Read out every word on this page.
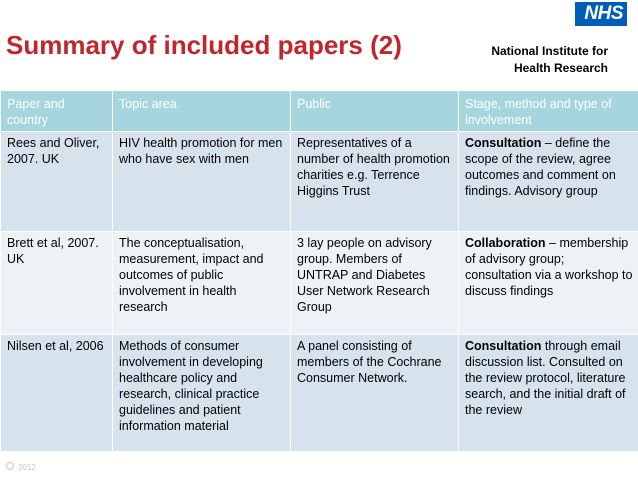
Summary of included papers (2)
NHS
National Institute for
Health Research
Paper and country	Topic area	Public	Stage, method and type of involvement
Rees and Oliver, 2007. UK	HIV health promotion for men who have sex with men	Representatives of a number of health promotion charities e.g. Terrence Higgins Trust	Consultation – define the scope of the review, agree outcomes and comment on findings. Advisory group
Brett et al, 2007. UK	The conceptualisation, measurement, impact and outcomes of public involvement in health research	3 lay people on advisory group. Members of UNTRAP and Diabetes User Network Research Group	Collaboration – membership of advisory group; consultation via a workshop to discuss findings
Nilsen et al, 2006	Methods of consumer involvement in developing healthcare policy and research, clinical practice guidelines and patient information material	A panel consisting of members of the Cochrane Consumer Network.	Consultation through email discussion list. Consulted on the review protocol, literature search, and the initial draft of the review
2012
